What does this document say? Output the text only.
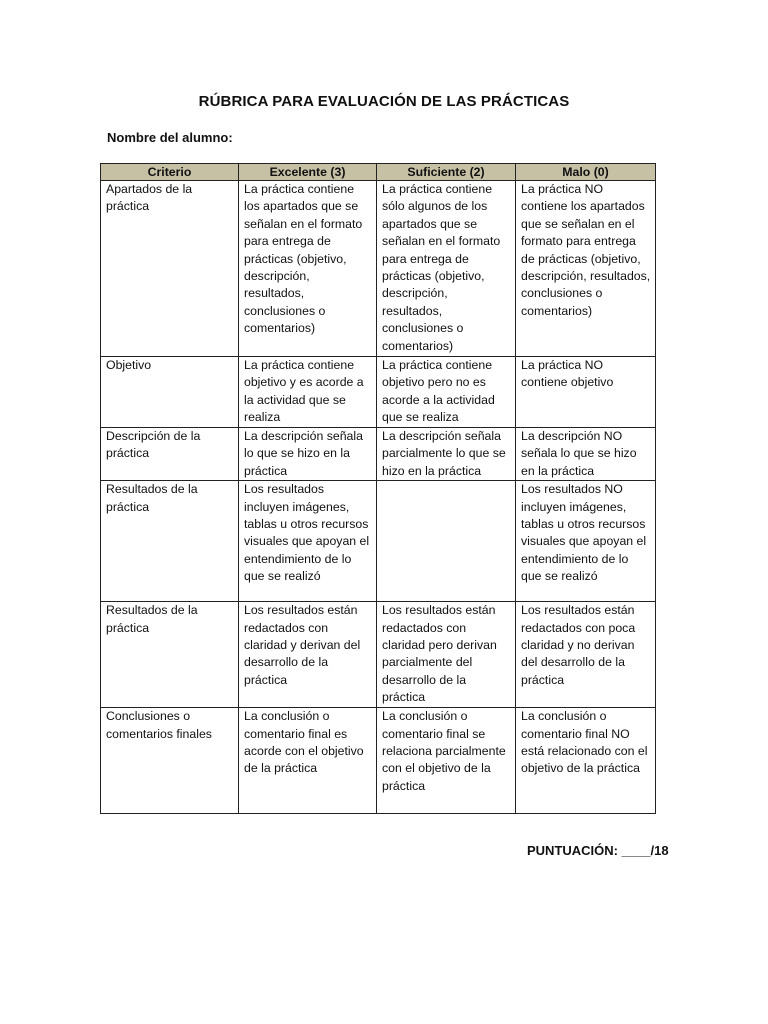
RÚBRICA PARA EVALUACIÓN DE LAS PRÁCTICAS
Nombre del alumno:
Criterio	Excelente (3)	Suficiente (2)	Malo (0)
Apartados de la práctica	La práctica contiene los apartados que se señalan en el formato para entrega de prácticas (objetivo, descripción, resultados, conclusiones o comentarios)	La práctica contiene sólo algunos de los apartados que se señalan en el formato para entrega de prácticas (objetivo, descripción, resultados, conclusiones o comentarios)	La práctica NO contiene los apartados que se señalan en el formato para entrega de prácticas (objetivo, descripción, resultados, conclusiones o comentarios)
Objetivo	La práctica contiene objetivo y es acorde a la actividad que se realiza	La práctica contiene objetivo pero no es acorde a la actividad que se realiza	La práctica NO contiene objetivo
Descripción de la práctica	La descripción señala lo que se hizo en la práctica	La descripción señala parcialmente lo que se hizo en la práctica	La descripción NO señala lo que se hizo en la práctica
Resultados de la práctica	Los resultados incluyen imágenes, tablas u otros recursos visuales que apoyan el entendimiento de lo que se realizó		Los resultados NO incluyen imágenes, tablas u otros recursos visuales que apoyan el entendimiento de lo que se realizó
Resultados de la práctica	Los resultados están redactados con claridad y derivan del desarrollo de la práctica	Los resultados están redactados con claridad pero derivan parcialmente del desarrollo de la práctica	Los resultados están redactados con poca claridad y no derivan del desarrollo de la práctica
Conclusiones o comentarios finales	La conclusión o comentario final es acorde con el objetivo de la práctica	La conclusión o comentario final se relaciona parcialmente con el objetivo de la práctica	La conclusión o comentario final NO está relacionado con el objetivo de la práctica
PUNTUACIÓN: ____/18
